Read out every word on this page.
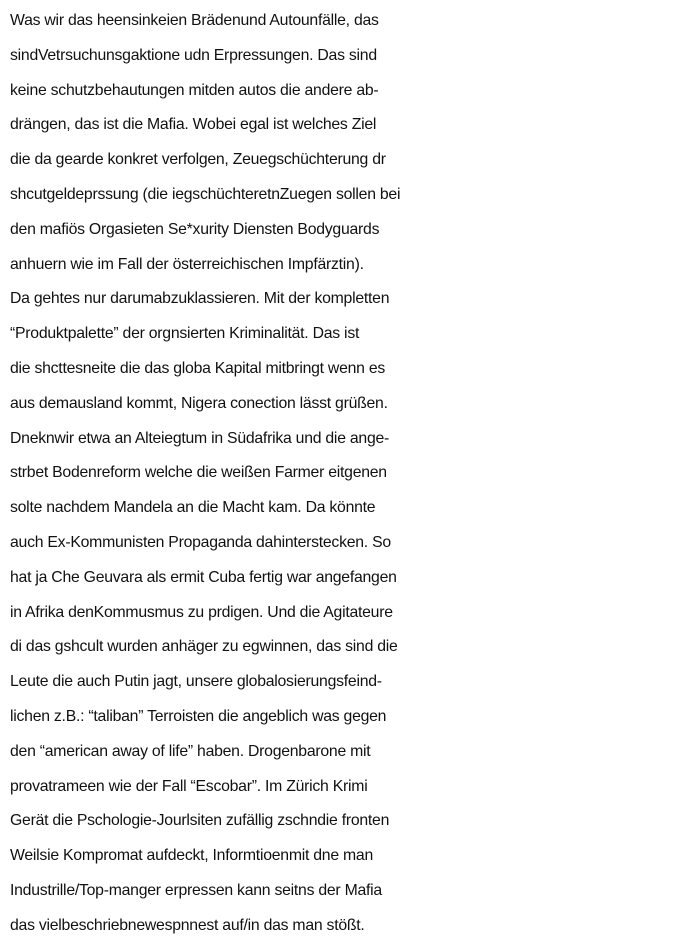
Was wir das heensinkeien Brädenund Autounfälle, das
sindVetrsuchunsgaktione udn Erpressungen. Das sind
keine schutzbehautungen mitden autos die andere ab-
drängen, das ist die Mafia. Wobei egal ist welches Ziel
die da gearde konkret verfolgen, Zeuegschüchterung dr
shcutgeldeprssung (die iegschüchteretnZuegen sollen bei
den mafiös Orgasieten Se*xurity Diensten Bodyguards
anhuern wie im Fall der österreichischen Impfärztin).
Da gehtes nur darumabzuklassieren. Mit der kompletten
“Produktpalette” der orgnsierten Kriminalität. Das ist
die shcttesneite die das globa Kapital mitbringt wenn es
aus demausland kommt, Nigera conection lässt grüßen.
Dneknwir etwa an Alteiegtum in Südafrika und die ange-
strbet Bodenreform welche die weißen Farmer eitgenen
solte nachdem Mandela an die Macht kam. Da könnte
auch Ex-Kommunisten Propaganda dahinterstecken. So
hat ja Che Geuvara als ermit Cuba fertig war angefangen
in Afrika denKommusmus zu prdigen. Und die Agitateure
di das gshcult wurden anhäger zu egwinnen, das sind die
Leute die auch Putin jagt, unsere globalosierungsfeind-
lichen z.B.: “taliban” Terroisten die angeblich was gegen
den “american away of life” haben. Drogenbarone mit
provatrameen wie der Fall “Escobar”. Im Zürich Krimi
Gerät die Pschologie-Jourlsiten zufällig zschndie fronten
Weilsie Kompromat aufdeckt, Informtioenmit dne man
Industrille/Top-manger erpressen kann seitns der Mafia
das vielbeschriebnewespnnest auf/in das man stößt.
